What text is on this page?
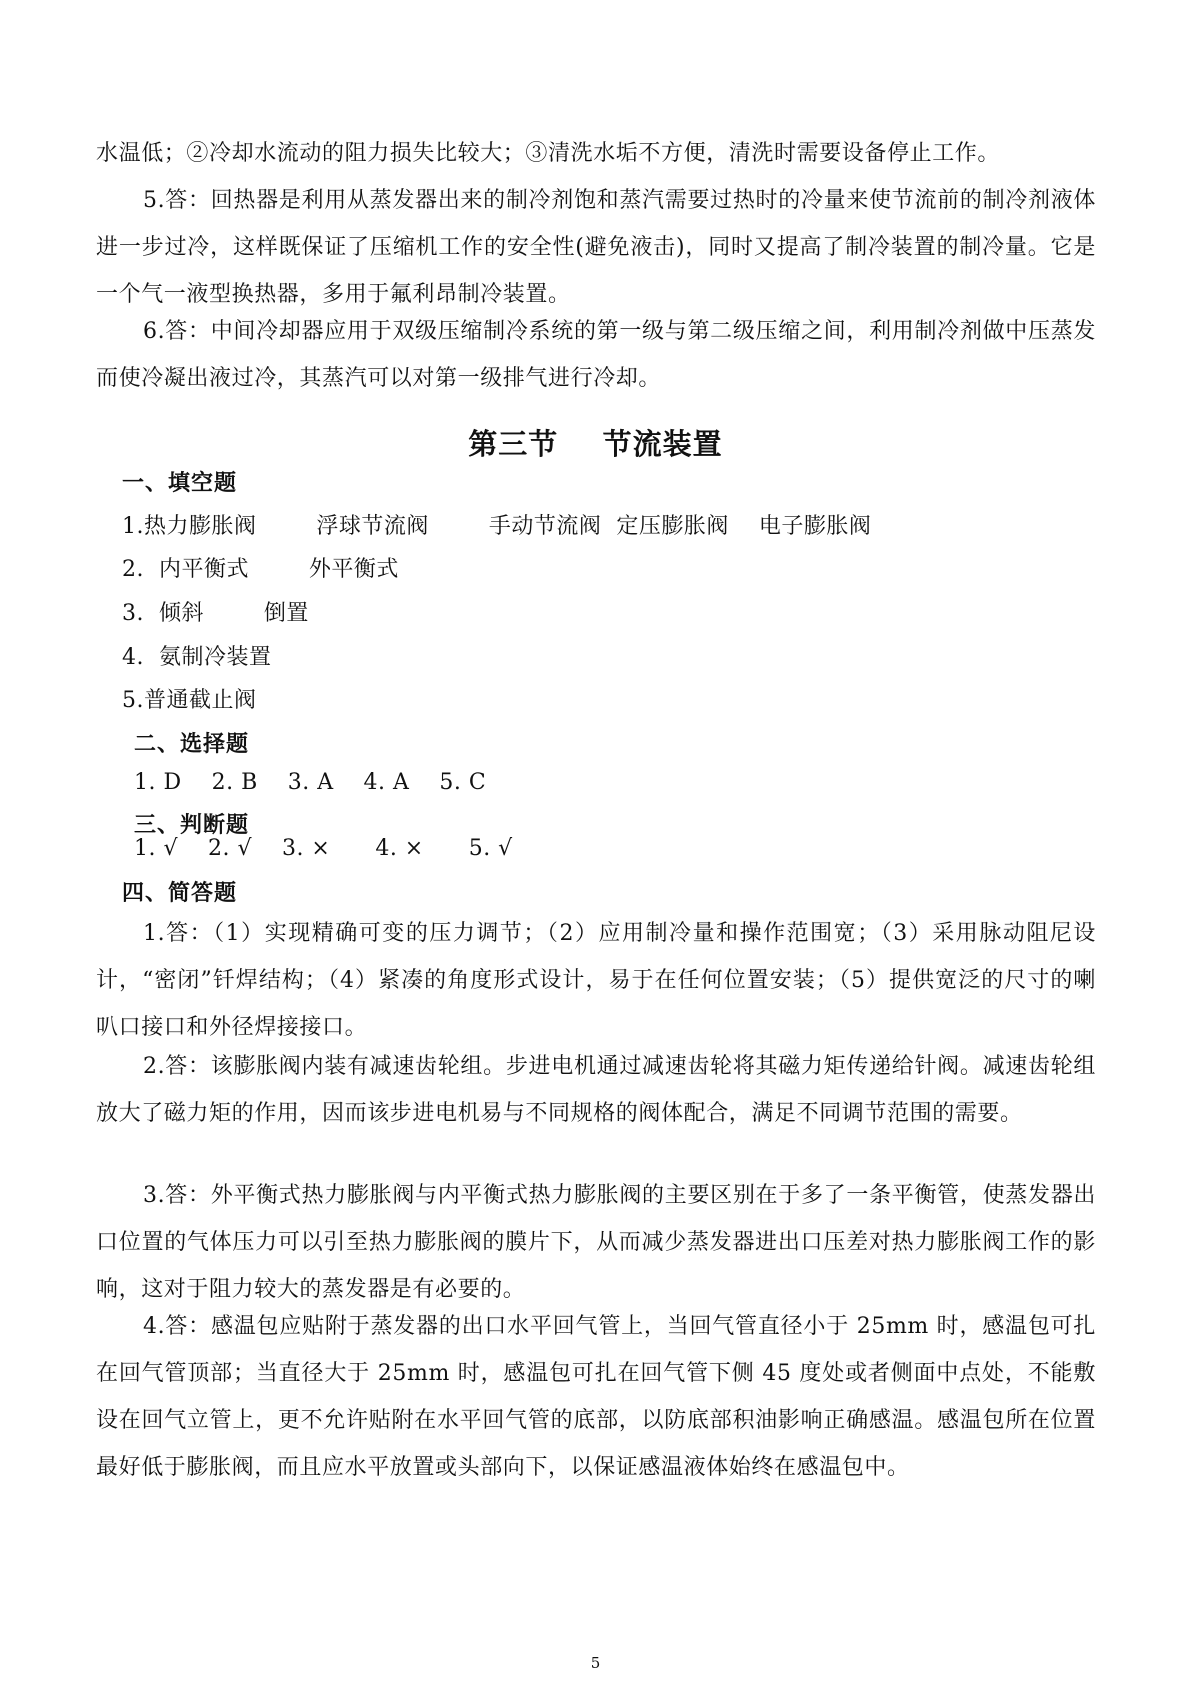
水温低；②冷却水流动的阻力损失比较大；③清洗水垢不方便，清洗时需要设备停止工作。

5.答：回热器是利用从蒸发器出来的制冷剂饱和蒸汽需要过热时的冷量来使节流前的制冷剂液体进一步过冷，这样既保证了压缩机工作的安全性(避免液击)，同时又提高了制冷装置的制冷量。它是一个气一液型换热器，多用于氟利昂制冷装置。

6.答：中间冷却器应用于双级压缩制冷系统的第一级与第二级压缩之间，利用制冷剂做中压蒸发而使冷凝出液过冷，其蒸汽可以对第一级排气进行冷却。

第三节    节流装置
一、填空题

1.热力膨胀阀        浮球节流阀        手动节流阀  定压膨胀阀    电子膨胀阀

2.  内平衡式        外平衡式

3.  倾斜        倒置

4.  氨制冷装置

5.普通截止阀

二、选择题

1. D    2. B    3. A    4. A    5. C

三、判断题

1. √    2. √    3. ×      4. ×      5. √

四、简答题

1.答：（1）实现精确可变的压力调节；（2）应用制冷量和操作范围宽；（3）采用脉动阻尼设计，“密闭”钎焊结构；（4）紧凑的角度形式设计，易于在任何位置安装；（5）提供宽泛的尺寸的喇叭口接口和外径焊接接口。

2.答：该膨胀阀内装有减速齿轮组。步进电机通过减速齿轮将其磁力矩传递给针阀。减速齿轮组放大了磁力矩的作用，因而该步进电机易与不同规格的阀体配合，满足不同调节范围的需要。

3.答：外平衡式热力膨胀阀与内平衡式热力膨胀阀的主要区别在于多了一条平衡管，使蒸发器出口位置的气体压力可以引至热力膨胀阀的膜片下，从而减少蒸发器进出口压差对热力膨胀阀工作的影响，这对于阻力较大的蒸发器是有必要的。

4.答：感温包应贴附于蒸发器的出口水平回气管上，当回气管直径小于 25mm 时，感温包可扎在回气管顶部；当直径大于 25mm 时，感温包可扎在回气管下侧 45 度处或者侧面中点处，不能敷设在回气立管上，更不允许贴附在水平回气管的底部，以防底部积油影响正确感温。感温包所在位置最好低于膨胀阀，而且应水平放置或头部向下，以保证感温液体始终在感温包中。

5
